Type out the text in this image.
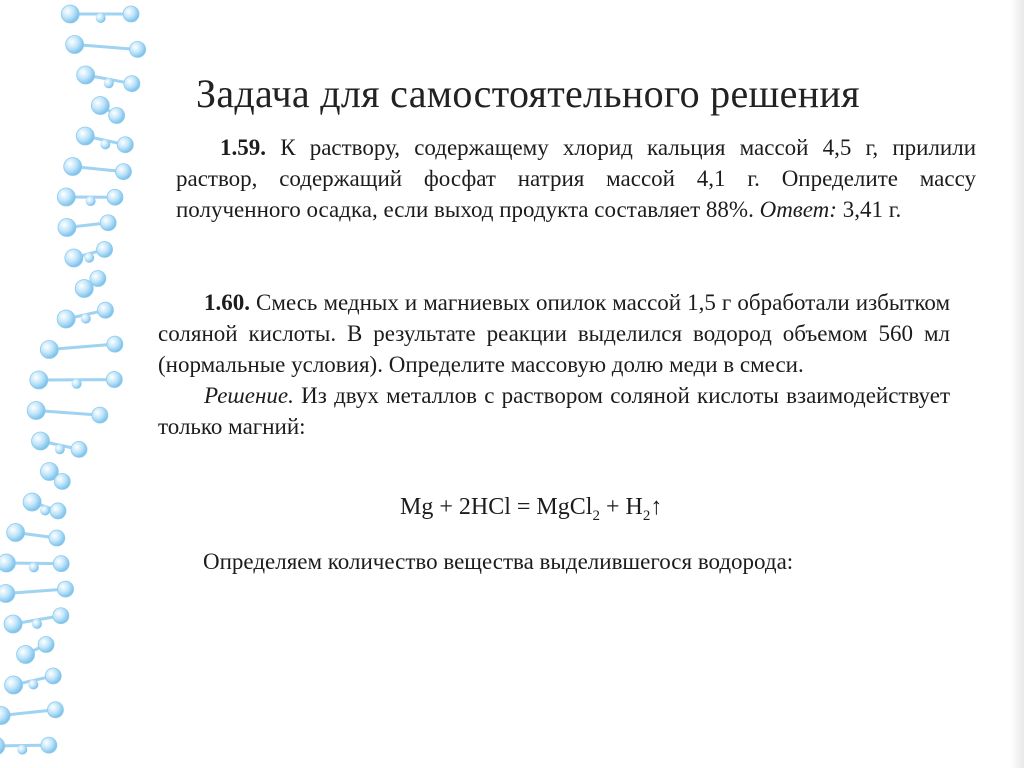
Задача для самостоятельного решения

1.59. К раствору, содержащему хлорид кальция массой 4,5 г, прилили раствор, содержащий фосфат натрия массой 4,1 г. Определите массу полученного осадка, если выход продукта составляет 88%. Ответ: 3,41 г.

1.60. Смесь медных и магниевых опилок массой 1,5 г обработали избытком соляной кислоты. В результате реакции выделился водород объемом 560 мл (нормальные условия). Определите массовую долю меди в смеси.
Решение. Из двух металлов с раствором соляной кислоты взаимодействует только магний:

Mg + 2HCl = MgCl$_2$ + $H_2↑$
Определяем количество вещества выделившегося водорода:
